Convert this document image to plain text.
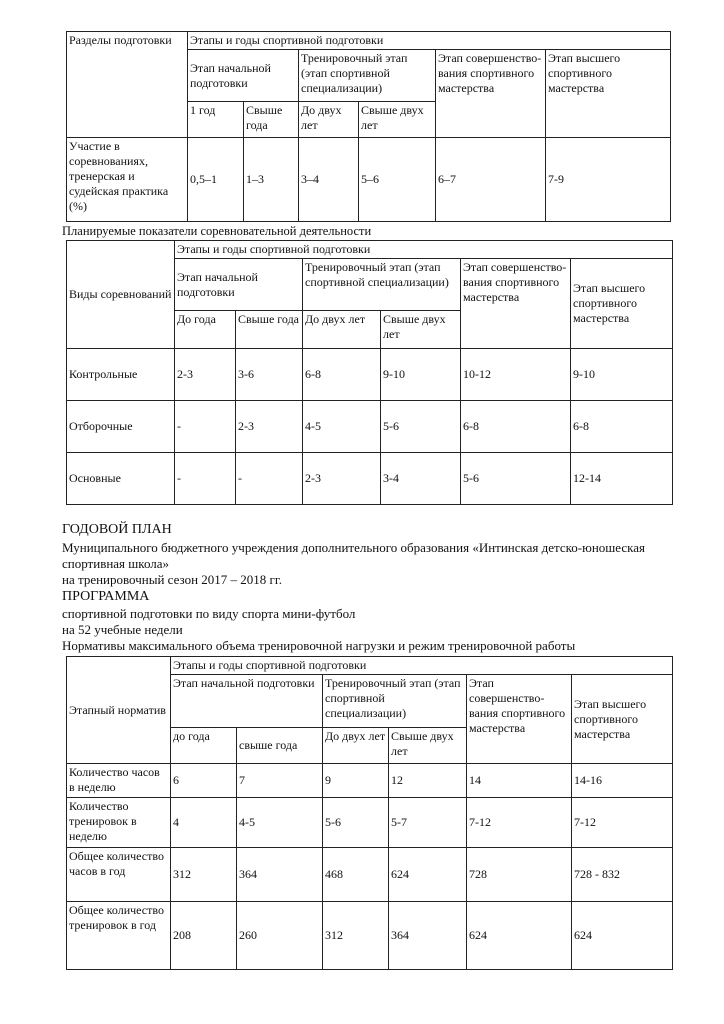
Разделы подготовки	Этапы и годы спортивной подготовки					
	Этап начальной подготовки		Тренировочный этап (этап спортивной специализации)		Этап совершенство-вания спортивного мастерства	Этап высшего спортивного мастерства
	1 год	Свыше года	До двух лет	Свыше двух лет		
Участие в соревнованиях, тренерская и судейская практика (%)	0,5–1	1–3	3–4	5–6	6–7	7-9
Планируемые показатели соревновательной деятельности
Виды соревнований	Этапы и годы спортивной подготовки					
	Этап начальной подготовки		Тренировочный этап (этап спортивной специализации)		Этап совершенство-вания спортивного мастерства	Этап высшего спортивного мастерства
	До года	Свыше года	До двух лет	Свыше двух лет		
Контрольные	2-3	3-6	6-8	9-10	10-12	9-10
Отборочные	-	2-3	4-5	5-6	6-8	6-8
Основные	-	-	2-3	3-4	5-6	12-14
ГОДОВОЙ ПЛАН
Муниципального бюджетного учреждения дополнительного образования «Интинская детско-юношеская
спортивная школа»
на тренировочный сезон 2017 – 2018 гг.
ПРОГРАММА
спортивной подготовки по виду спорта мини-футбол
на 52 учебные недели
Нормативы максимального объема тренировочной нагрузки и режим тренировочной работы
Этапный норматив	Этапы и годы спортивной подготовки					
	Этап начальной подготовки		Тренировочный этап (этап спортивной специализации)		Этап совершенство-вания спортивного мастерства	Этап высшего спортивного мастерства
	до года	свыше года	До двух лет	Свыше двух лет		
Количество часов в неделю	6	7	9	12	14	14-16
Количество тренировок в неделю	4	4-5	5-6	5-7	7-12	7-12
Общее количество часов в год	312	364	468	624	728	728 - 832
Общее количество тренировок в год	208	260	312	364	624	624
